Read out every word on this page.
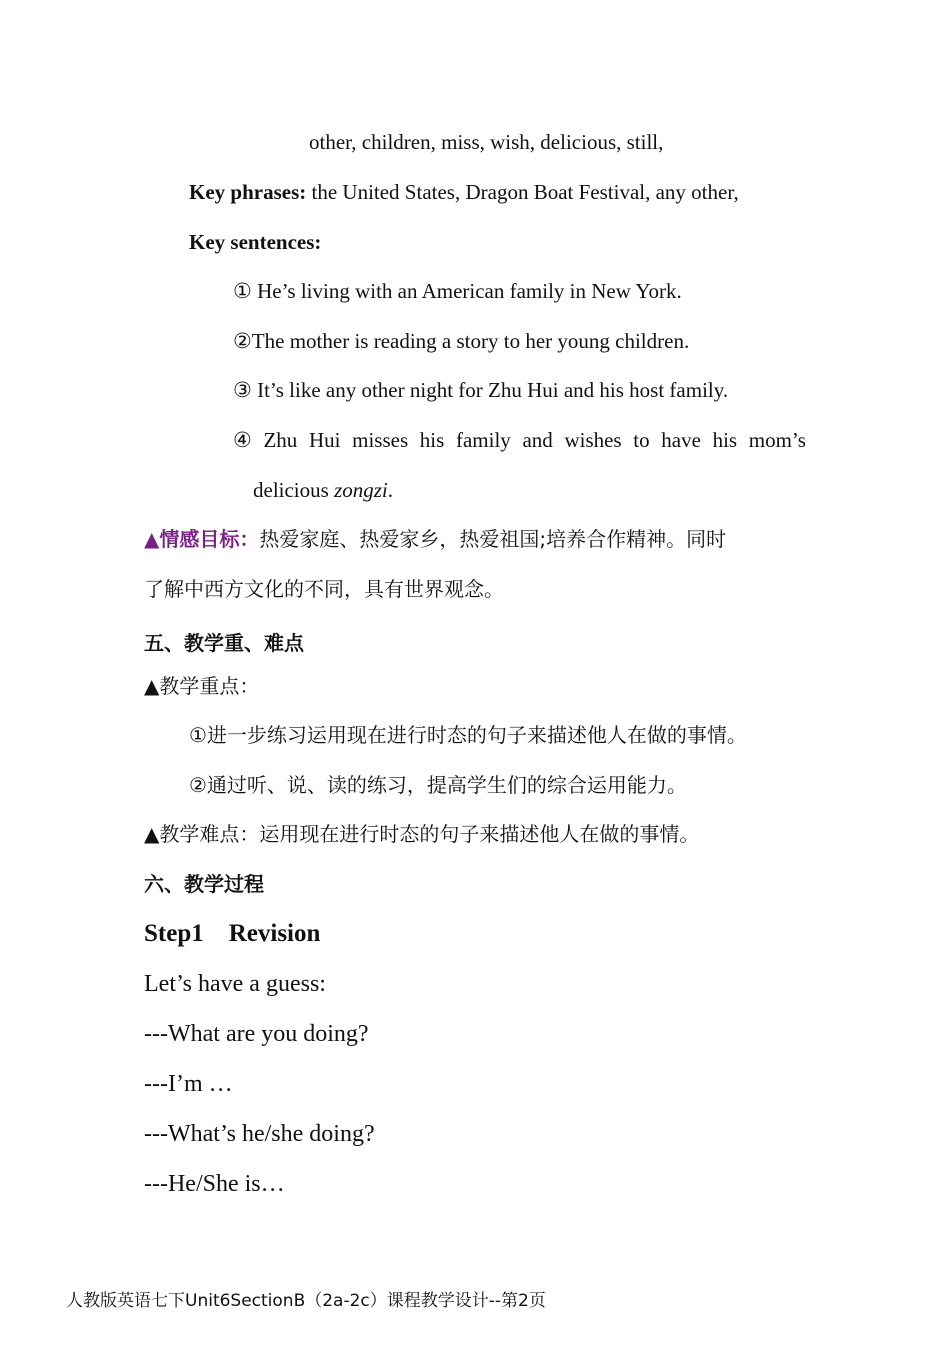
other, children, miss, wish, delicious, still,
Key phrases: the United States, Dragon Boat Festival, any other,
Key sentences:
① He’s living with an American family in New York.
②The mother is reading a story to her young children.
③ It’s like any other night for Zhu Hui and his host family.
④ Zhu Hui misses his family and wishes to have his mom’s
delicious zongzi.
▲情感目标：热爱家庭、热爱家乡，热爱祖国;培养合作精神。同时
了解中西方文化的不同，具有世界观念。
五、教学重、难点
▲教学重点：
①进一步练习运用现在进行时态的句子来描述他人在做的事情。
②通过听、说、读的练习，提高学生们的综合运用能力。
▲教学难点：运用现在进行时态的句子来描述他人在做的事情。
六、教学过程
Step1    Revision
Let’s have a guess:
---What are you doing?
---I’m …
---What’s he/she doing?
---He/She is…
人教版英语七下Unit6SectionB（2a-2c）课程教学设计--第2页
